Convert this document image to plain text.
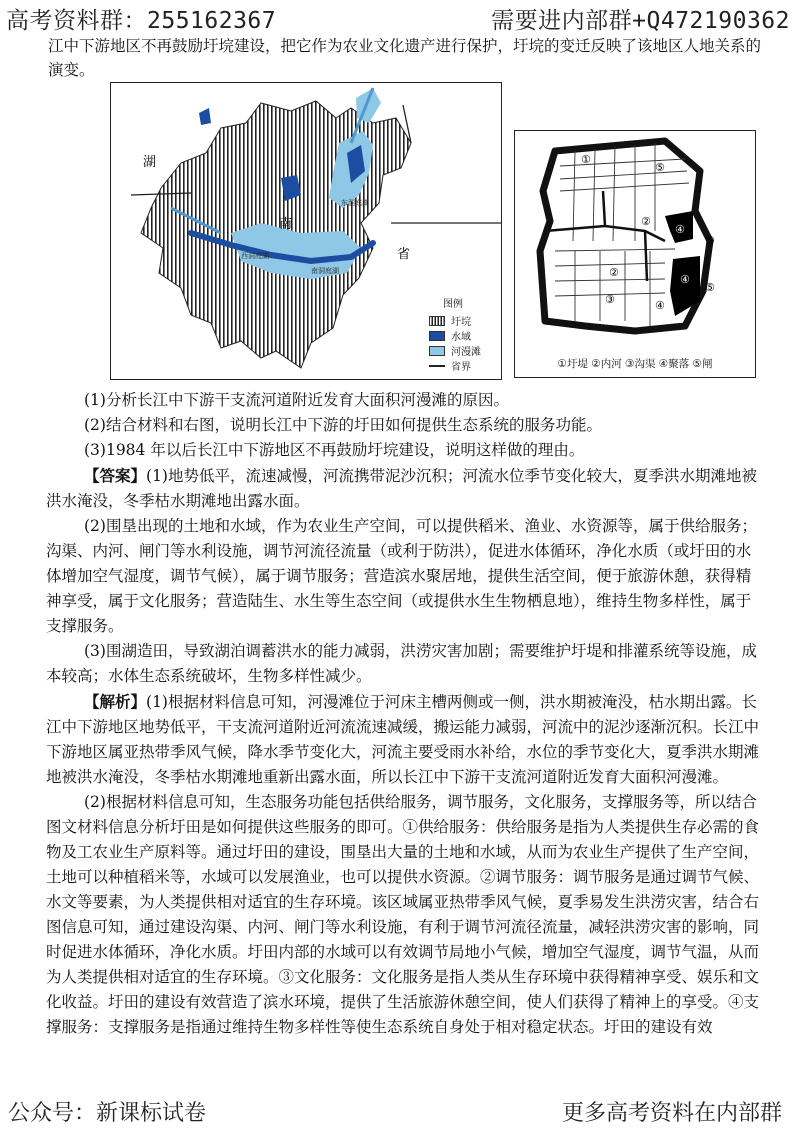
高考资料群：255162367	需要进内部群+Q472190362
江中下游地区不再鼓励圩垸建设，把它作为农业文化遗产进行保护，圩垸的变迁反映了该地区人地关系的演变。
湖
南
省
东洞庭湖
南洞庭湖
西洞庭湖
图例
圩垸
水域
河漫滩
省界
①
⑤
②
⑤
④
④
⑤
②
④
③
①圩堤 ②内河 ③沟渠 ④聚落 ⑤闸

(1)分析长江中下游干支流河道附近发育大面积河漫滩的原因。

(2)结合材料和右图，说明长江中下游的圩田如何提供生态系统的服务功能。

(3)1984 年以后长江中下游地区不再鼓励圩垸建设，说明这样做的理由。

【答案】(1)地势低平，流速减慢，河流携带泥沙沉积；河流水位季节变化较大，夏季洪水期滩地被洪水淹没，冬季枯水期滩地出露水面。

(2)围垦出现的土地和水域，作为农业生产空间，可以提供稻米、渔业、水资源等，属于供给服务；沟渠、内河、闸门等水利设施，调节河流径流量（或利于防洪），促进水体循环，净化水质（或圩田的水体增加空气湿度，调节气候），属于调节服务；营造滨水聚居地，提供生活空间，便于旅游休憩，获得精神享受，属于文化服务；营造陆生、水生等生态空间（或提供水生生物栖息地），维持生物多样性，属于支撑服务。

(3)围湖造田，导致湖泊调蓄洪水的能力减弱，洪涝灾害加剧；需要维护圩堤和排灌系统等设施，成本较高；水体生态系统破坏，生物多样性减少。

【解析】(1)根据材料信息可知，河漫滩位于河床主槽两侧或一侧，洪水期被淹没，枯水期出露。长江中下游地区地势低平，干支流河道附近河流流速减缓，搬运能力减弱，河流中的泥沙逐渐沉积。长江中下游地区属亚热带季风气候，降水季节变化大，河流主要受雨水补给，水位的季节变化大，夏季洪水期滩地被洪水淹没，冬季枯水期滩地重新出露水面，所以长江中下游干支流河道附近发育大面积河漫滩。

(2)根据材料信息可知，生态服务功能包括供给服务，调节服务，文化服务，支撑服务等，所以结合图文材料信息分析圩田是如何提供这些服务的即可。①供给服务：供给服务是指为人类提供生存必需的食物及工农业生产原料等。通过圩田的建设，围垦出大量的土地和水域，从而为农业生产提供了生产空间，土地可以种植稻米等，水域可以发展渔业，也可以提供水资源。②调节服务：调节服务是通过调节气候、水文等要素，为人类提供相对适宜的生存环境。该区域属亚热带季风气候，夏季易发生洪涝灾害，结合右图信息可知，通过建设沟渠、内河、闸门等水利设施，有利于调节河流径流量，减轻洪涝灾害的影响，同时促进水体循环，净化水质。圩田内部的水域可以有效调节局地小气候，增加空气湿度，调节气温，从而为人类提供相对适宜的生存环境。③文化服务：文化服务是指人类从生存环境中获得精神享受、娱乐和文化收益。圩田的建设有效营造了滨水环境，提供了生活旅游休憩空间，使人们获得了精神上的享受。④支撑服务：支撑服务是指通过维持生物多样性等使生态系统自身处于相对稳定状态。圩田的建设有效

公众号：新课标试卷	更多高考资料在内部群
